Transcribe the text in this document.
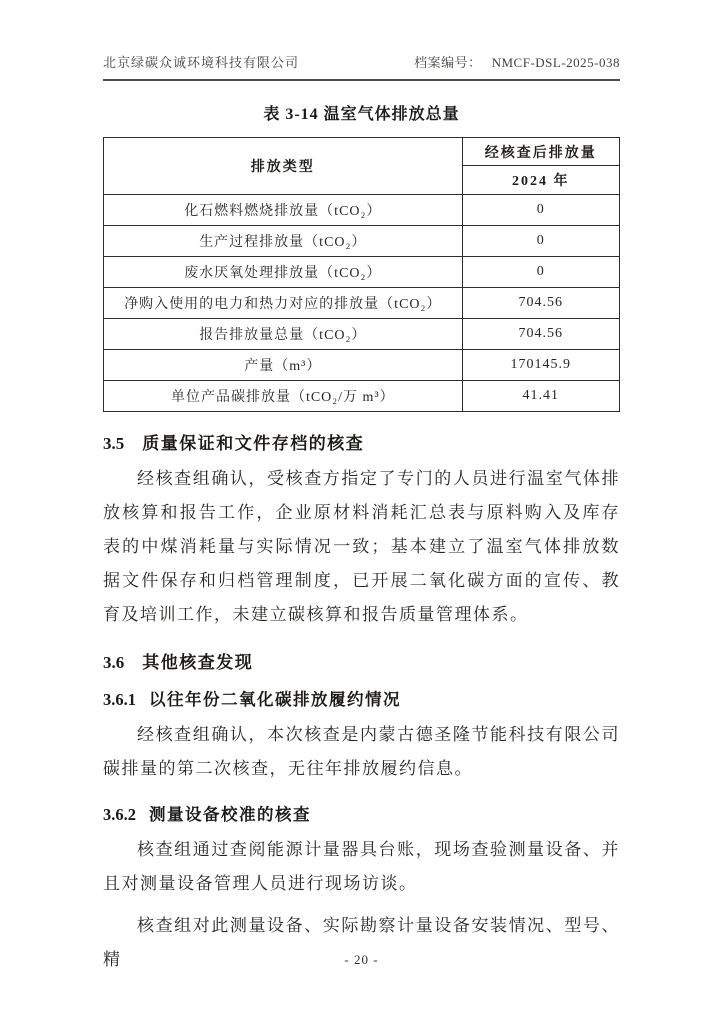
北京绿碳众诚环境科技有限公司	档案编号： NMCF-DSL-2025-038
表 3-14 温室气体排放总量
排放类型	经核查后排放量
	2024 年
化石燃料燃烧排放量（tCO₂）	0
生产过程排放量（tCO₂）	0
废水厌氧处理排放量（tCO₂）	0
净购入使用的电力和热力对应的排放量（tCO₂）	704.56
报告排放量总量（tCO₂）	704.56
产量（m³）	170145.9
单位产品碳排放量（tCO₂/万 m³）	41.41
3.5 质量保证和文件存档的核查

经核查组确认，受核查方指定了专门的人员进行温室气体排放核算和报告工作，企业原材料消耗汇总表与原料购入及库存表的中煤消耗量与实际情况一致；基本建立了温室气体排放数据文件保存和归档管理制度，已开展二氧化碳方面的宣传、教育及培训工作，未建立碳核算和报告质量管理体系。

3.6 其他核查发现
3.6.1 以往年份二氧化碳排放履约情况

经核查组确认，本次核查是内蒙古德圣隆节能科技有限公司碳排量的第二次核查，无往年排放履约信息。

3.6.2 测量设备校准的核查

核查组通过查阅能源计量器具台账，现场查验测量设备、并且对测量设备管理人员进行现场访谈。

核查组对此测量设备、实际勘察计量设备安装情况、型号、精	- 20 -
